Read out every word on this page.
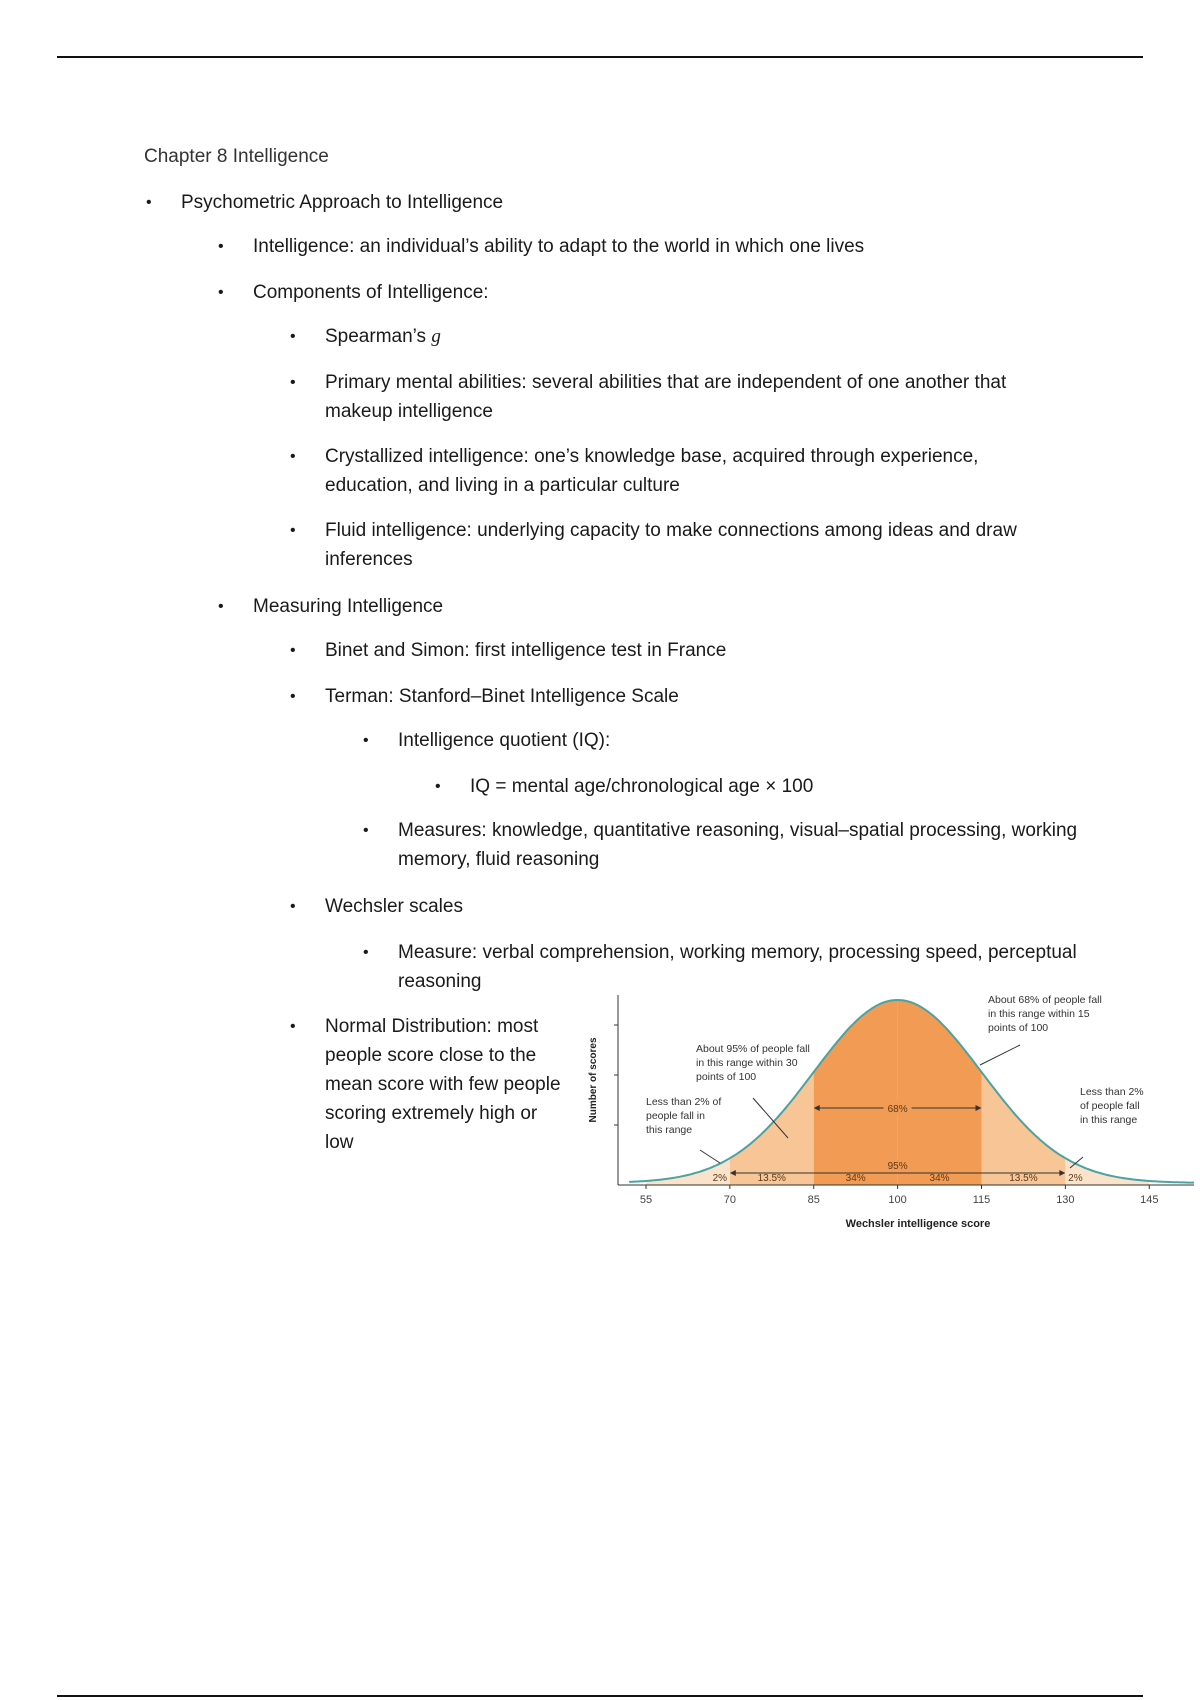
Chapter 8 Intelligence
• Psychometric Approach to Intelligence
• Intelligence: an individual’s ability to adapt to the world in which one lives
• Components of Intelligence:
• Spearman’s g
• Primary mental abilities: several abilities that are independent of one another that makeup intelligence
• Crystallized intelligence: one’s knowledge base, acquired through experience, education, and living in a particular culture
• Fluid intelligence: underlying capacity to make connections among ideas and draw inferences
• Measuring Intelligence
• Binet and Simon: first intelligence test in France
• Terman: Stanford–Binet Intelligence Scale
• Intelligence quotient (IQ):
• IQ = mental age/chronological age × 100
• Measures: knowledge, quantitative reasoning, visual–spatial processing, working memory, fluid reasoning
• Wechsler scales
• Measure: verbal comprehension, working memory, processing speed, perceptual reasoning
• Normal Distribution: most people score close to the mean score with few people scoring extremely high or low
55	70	85	100	115	130	145
2%	13.5%	34%	34%	13.5%	2%
Wechsler intelligence score
Number of scores	68%
95%
About 68% of people fall in this range within 15 points of 100
About 95% of people fall in this range within 30 points of 100
Less than 2% of people fall in this range
Less than 2% of people fall in this range
